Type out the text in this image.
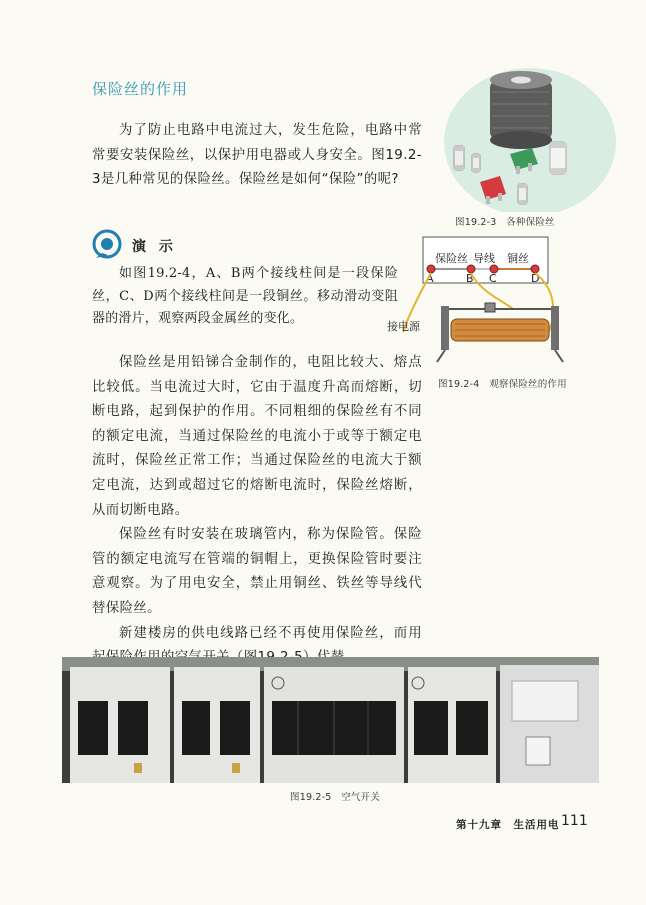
保险丝的作用
为了防止电路中电流过大，发生危险，电路中常常要安装保险丝，以保护用电器或人身安全。图19.2-3是几种常见的保险丝。保险丝是如何“保险”的呢?
图19.2-3　各种保险丝
演 示
如图19.2-4，A、B两个接线柱间是一段保险丝，C、D两个接线柱间是一段铜丝。移动滑动变阻器的滑片，观察两段金属丝的变化。
保险丝 导线 铜丝
A	B C	D
接电源
图19.2-4　观察保险丝的作用

保险丝是用铅锑合金制作的，电阻比较大、熔点比较低。当电流过大时，它由于温度升高而熔断，切断电路，起到保护的作用。不同粗细的保险丝有不同的额定电流，当通过保险丝的电流小于或等于额定电流时，保险丝正常工作；当通过保险丝的电流大于额定电流，达到或超过它的熔断电流时，保险丝熔断，从而切断电路。

保险丝有时安装在玻璃管内，称为保险管。保险管的额定电流写在管端的铜帽上，更换保险管时要注意观察。为了用电安全，禁止用铜丝、铁丝等导线代替保险丝。

新建楼房的供电线路已经不再使用保险丝，而用

图19.2-5　空气开关
第十九章　生活用电 111
